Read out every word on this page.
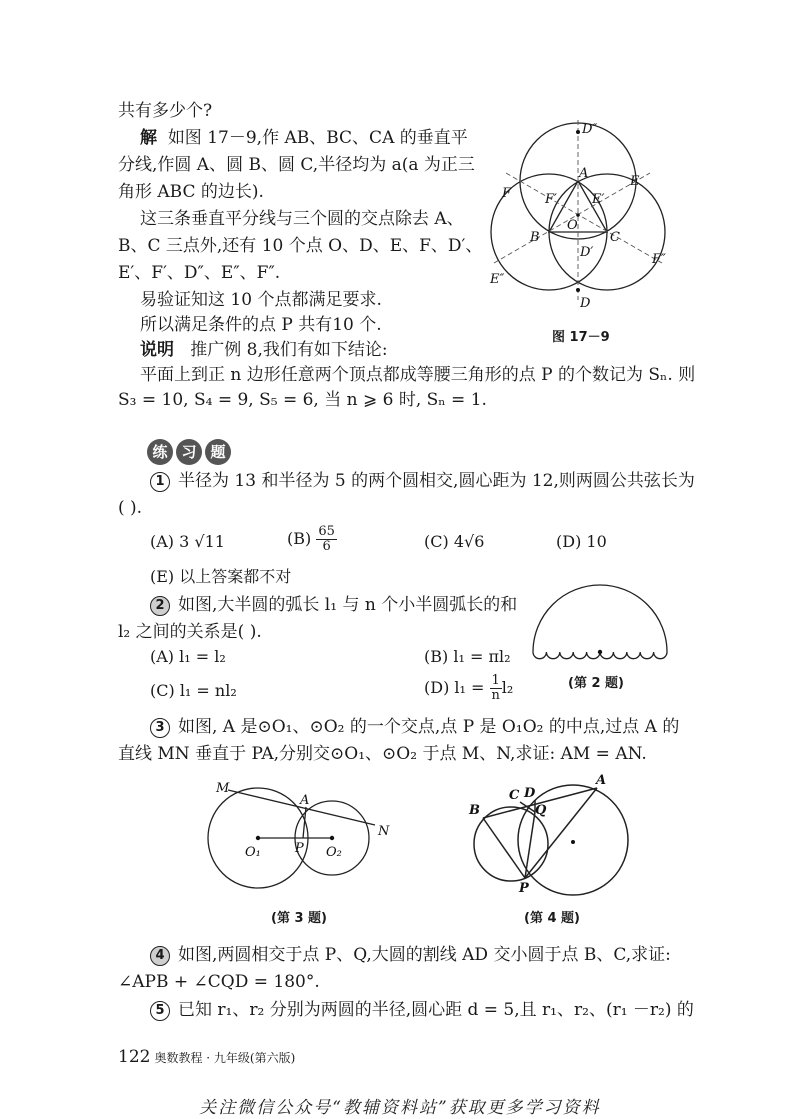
共有多少个?
解 如图 17－9,作 AB、BC、CA 的垂直平
分线,作圆 A、圆 B、圆 C,半径均为 a(a 为正三
角形 ABC 的边长).
这三条垂直平分线与三个圆的交点除去 A、
B、C 三点外,还有 10 个点 O、D、E、F、D′、
E′、F′、D″、E″、F″.
易验证知这 10 个点都满足要求.
所以满足条件的点 P 共有10 个.
说明 推广例 8,我们有如下结论:
平面上到正 n 边形任意两个顶点都成等腰三角形的点 P 的个数记为 Sₙ. 则
S₃ = 10, S₄ = 9, S₅ = 6, 当 n ⩾ 6 时, Sₙ = 1.
D″
A
F
E
F′	E′
O
B	C
D′	F″
E″
D
图 17－9
练 习 题
1 半径为 13 和半径为 5 的两个圆相交,圆心距为 12,则两圆公共弦长为
( ).
(A) 3 √11	$(B) \frac{65}{6}$	(C) 4√6	(D) 10
(E) 以上答案都不对
2 如图,大半圆的弧长 l₁ 与 n 个小半圆弧长的和
l₂ 之间的关系是( ).
(A) l₁ = l₂	(B) l₁ = πl₂
(C) l₁ = nl₂	(D) $l_1 = \frac{1}{n} l_2$	(第 2 题)
3 如图, A 是⊙O₁、⊙O₂ 的一个交点,点 P 是 O₁O₂ 的中点,过点 A 的
直线 MN 垂直于 PA,分别交⊙O₁、⊙O₂ 于点 M、N,求证: AM = AN.
M
A
N
O₁	P O₂
(第 3 题)
A
B
C D
Q
P
(第 4 题)
4 如图,两圆相交于点 P、Q,大圆的割线 AD 交小圆于点 B、C,求证:
∠APB + ∠CQD = 180°.
5 已知 r₁、r₂ 分别为两圆的半径,圆心距 d = 5,且 r₁、r₂、(r₁ －r₂) 的
122 奥数教程 · 九年级(第六版)
关注微信公众号“教辅资料站”获取更多学习资料
